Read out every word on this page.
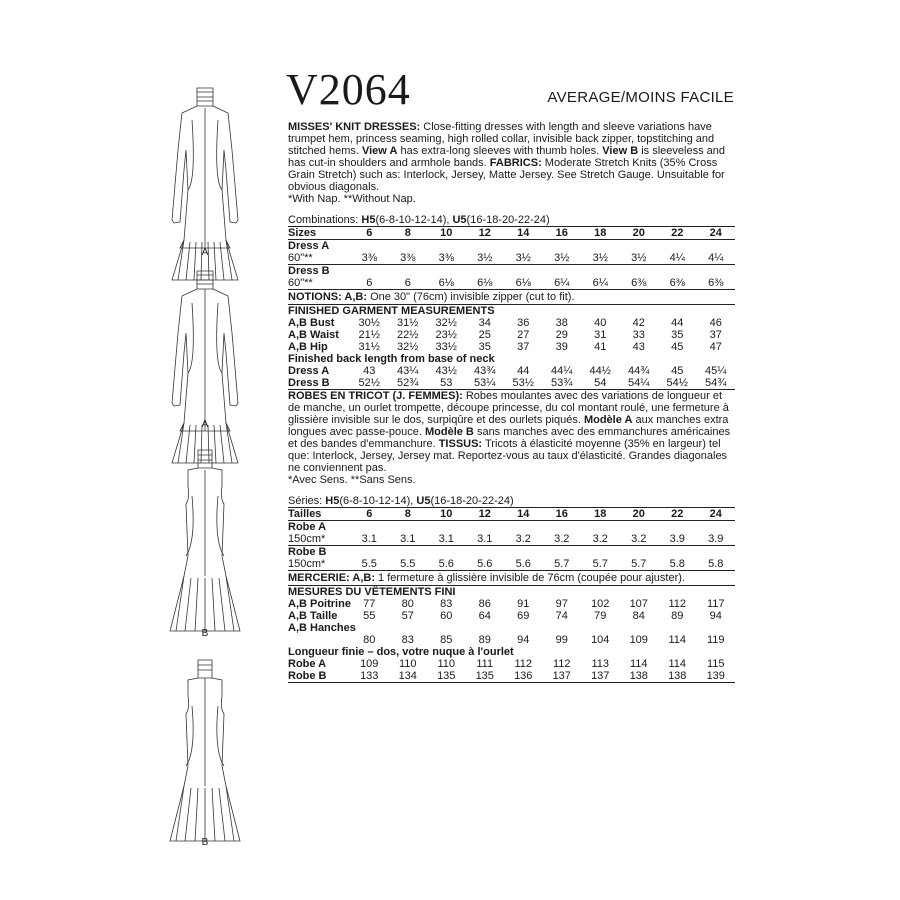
A
A
B
B
V2064	AVERAGE/MOINS FACILE

MISSES' KNIT DRESSES: Close-fitting dresses with length and sleeve variations have trumpet hem, princess seaming, high rolled collar, invisible back zipper, topstitching and stitched hems. View A has extra-long sleeves with thumb holes. View B is sleeveless and has cut-in shoulders and armhole bands. FABRICS: Moderate Stretch Knits (35% Cross Grain Stretch) such as: Interlock, Jersey, Matte Jersey. See Stretch Gauge. Unsuitable for obvious diagonals.

*With Nap. **Without Nap.

Combinations: H5(6-8-10-12-14), U5(16-18-20-22-24)

Sizes	6	8	10	12	14	16	18	20	22	24
Dress A										
60"**	3⅜	3⅜	3⅜	3½	3½	3½	3½	3½	4¼	4¼
Dress B										
60"**	6	6	6⅛	6⅛	6⅛	6¼	6¼	6⅜	6⅜	6⅜

NOTIONS: A,B: One 30" (76cm) invisible zipper (cut to fit).

FINISHED GARMENT MEASUREMENTS										
A,B Bust	30½	31½	32½	34	36	38	40	42	44	46
A,B Waist	21½	22½	23½	25	27	29	31	33	35	37
A,B Hip	31½	32½	33½	35	37	39	41	43	45	47
Finished back length from base of neck										
Dress A	43	43¼	43½	43¾	44	44¼	44½	44¾	45	45¼
Dress B	52½	52¾	53	53¼	53½	53¾	54	54¼	54½	54¾

ROBES EN TRICOT (J. FEMMES): Robes moulantes avec des variations de longueur et de manche, un ourlet trompette, découpe princesse, du col montant roulé, une fermeture à glissière invisible sur le dos, surpiqûre et des ourlets piqués. Modèle A aux manches extra longues avec passe-pouce. Modèle B sans manches avec des emmanchures américaines et des bandes d'emmanchure. TISSUS: Tricots à élasticité moyenne (35% en largeur) tel que: Interlock, Jersey, Jersey mat. Reportez-vous au taux d'élasticité. Grandes diagonales ne conviennent pas.

*Avec Sens. **Sans Sens.

Séries: H5(6-8-10-12-14), U5(16-18-20-22-24)

Tailles	6	8	10	12	14	16	18	20	22	24
Robe A										
150cm*	3.1	3.1	3.1	3.1	3.2	3.2	3.2	3.2	3.9	3.9
Robe B										
150cm*	5.5	5.5	5.6	5.6	5.6	5.7	5.7	5.7	5.8	5.8

MERCERIE: A,B: 1 fermeture à glissière invisible de 76cm (coupée pour ajuster).

MESURES DU VÊTEMENTS FINI										
A,B Poitrine	77	80	83	86	91	97	102	107	112	117
A,B Taille	55	57	60	64	69	74	79	84	89	94
A,B Hanches										
	80	83	85	89	94	99	104	109	114	119
Longueur finie – dos, votre nuque à l'ourlet										
Robe A	109	110	110	111	112	112	113	114	114	115
Robe B	133	134	135	135	136	137	137	138	138	139
